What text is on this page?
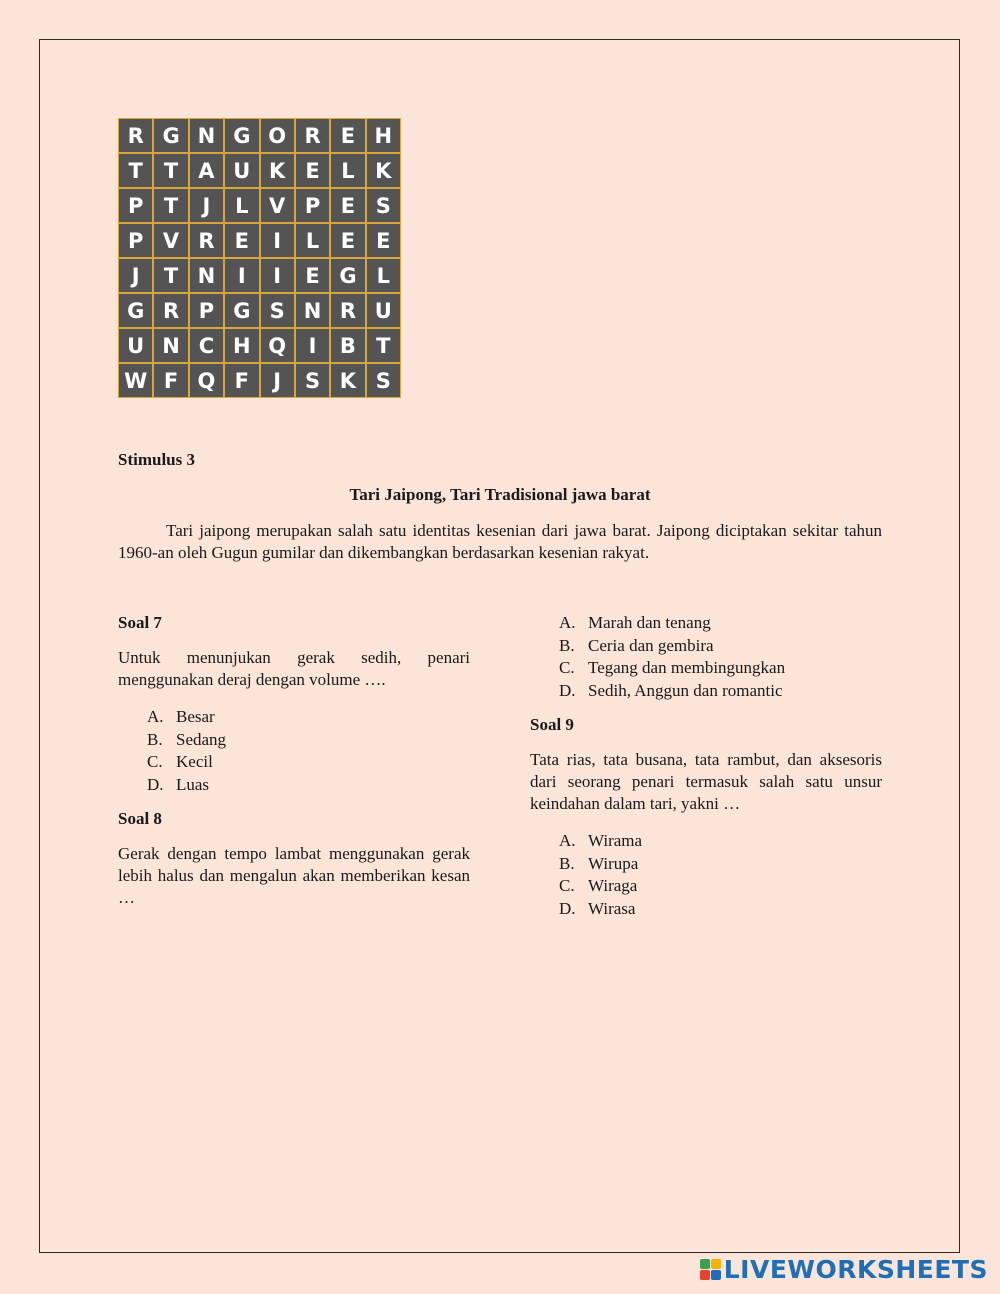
R G N G O R E H
T	T A U K E	L K
P T	J	L V P E S
P V R E	I	L	E	E
J	T N	I	I	E G L
G R P G S N R U
U N C H Q	I	B T
W F Q F	J	S K S
Stimulus 3
Tari Jaipong, Tari Tradisional jawa barat

Tari jaipong merupakan salah satu identitas kesenian dari jawa barat. Jaipong diciptakan sekitar tahun 1960-an oleh Gugun gumilar dan dikembangkan berdasarkan kesenian rakyat.

Soal 7

Untuk menunjukan gerak sedih, penari menggunakan deraj dengan volume ….

A. Besar
B. Sedang
C. Kecil
D. Luas

Soal 8

Gerak dengan tempo lambat menggunakan gerak lebih halus dan mengalun akan memberikan kesan …

A. Marah dan tenang
B. Ceria dan gembira
C. Tegang dan membingungkan
D. Sedih, Anggun dan romantic

Soal 9

Tata rias, tata busana, tata rambut, dan aksesoris dari seorang penari termasuk salah satu unsur keindahan dalam tari, yakni …

A. Wirama
B. Wirupa
C. Wiraga
D. Wirasa
LIVEWORKSHEETS
